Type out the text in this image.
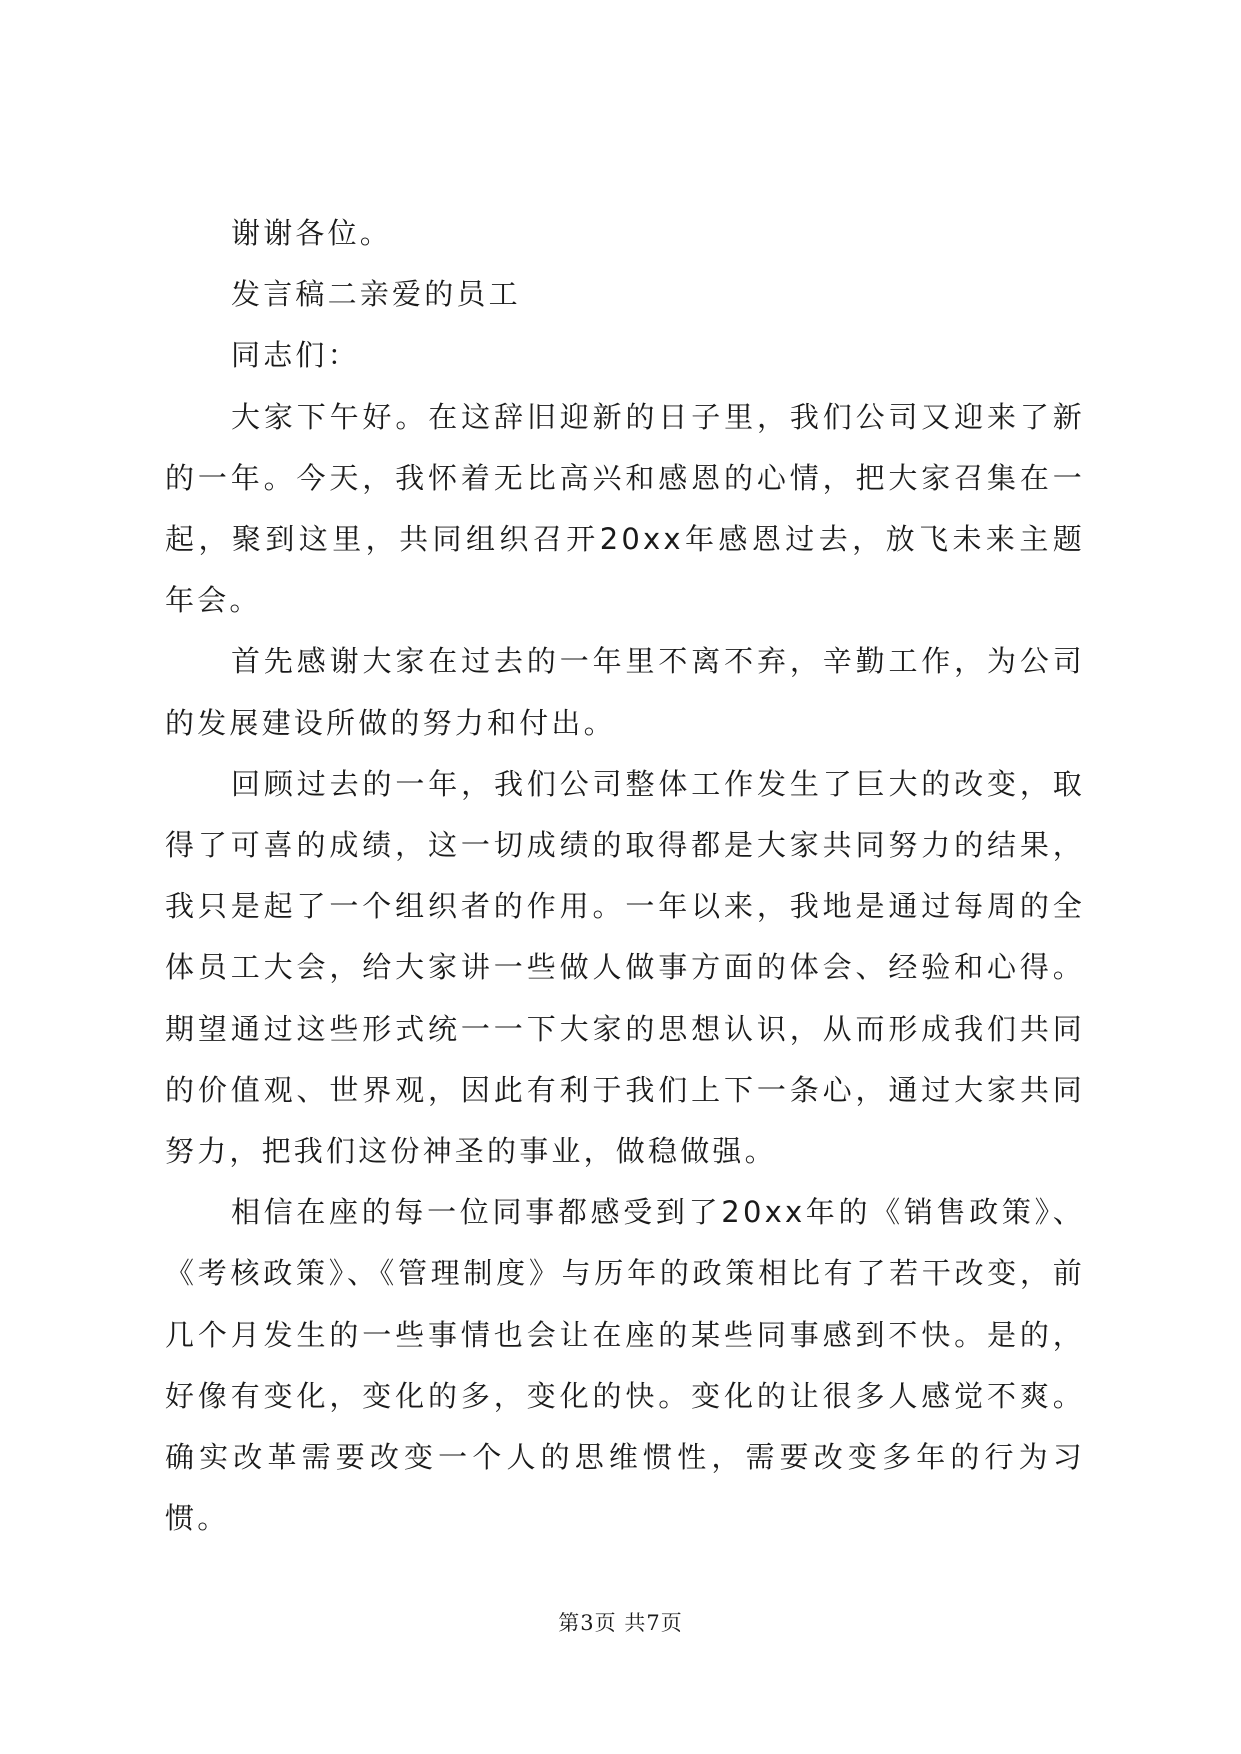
谢谢各位。

发言稿二亲爱的员工

同志们：

大家下午好。在这辞旧迎新的日子里，我们公司又迎来了新的一年。今天，我怀着无比高兴和感恩的心情，把大家召集在一起，聚到这里，共同组织召开20xx年感恩过去，放飞未来主题年会。

首先感谢大家在过去的一年里不离不弃，辛勤工作，为公司的发展建设所做的努力和付出。

回顾过去的一年，我们公司整体工作发生了巨大的改变，取得了可喜的成绩，这一切成绩的取得都是大家共同努力的结果，我只是起了一个组织者的作用。一年以来，我地是通过每周的全体员工大会，给大家讲一些做人做事方面的体会、经验和心得。期望通过这些形式统一一下大家的思想认识，从而形成我们共同的价值观、世界观，因此有利于我们上下一条心，通过大家共同努力，把我们这份神圣的事业，做稳做强。

相信在座的每一位同事都感受到了20xx年的《销售政策》、《考核政策》、《管理制度》与历年的政策相比有了若干改变，前几个月发生的一些事情也会让在座的某些同事感到不快。是的，好像有变化，变化的多，变化的快。变化的让很多人感觉不爽。确实改革需要改变一个人的思维惯性，需要改变多年的行为习惯。

第3页 共7页
